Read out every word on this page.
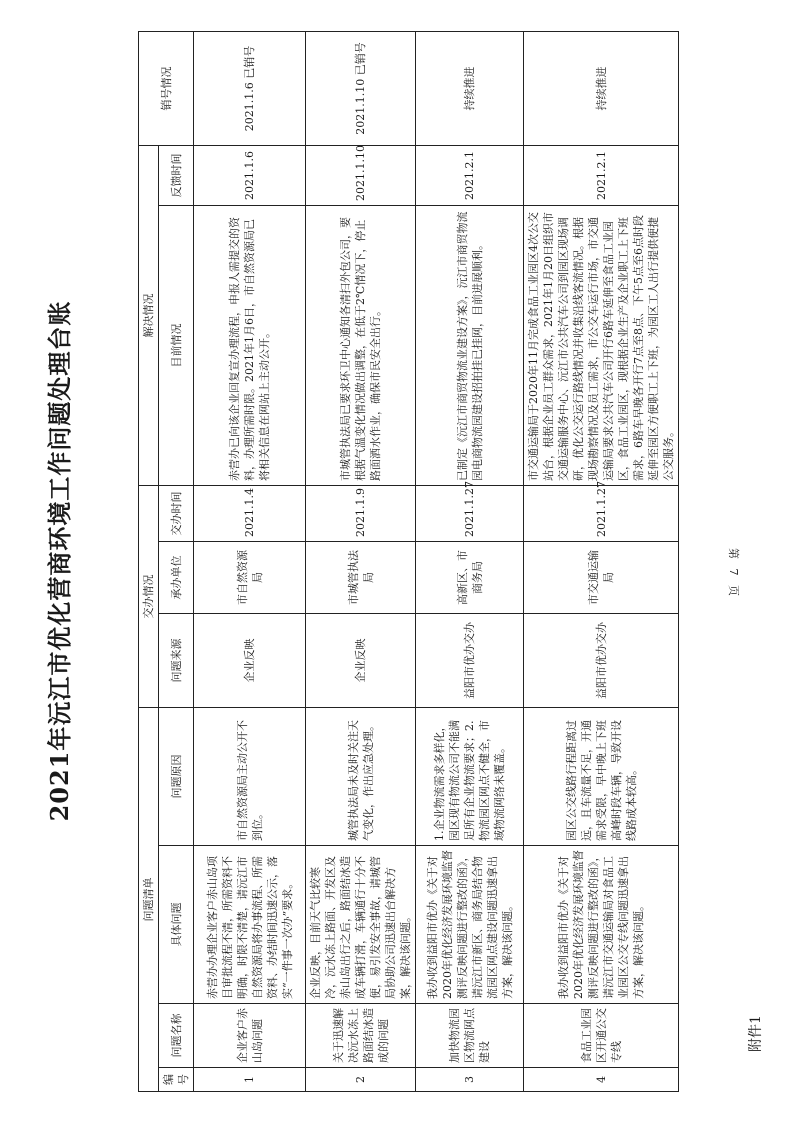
2021年沅江市优化营商环境工作问题处理台账
附件1
问题清单				交办情况			解决情况		销号情况
编号	问题名称	具体问题	问题原因	问题来源	承办单位	交办时间	目前情况	反馈时间	
1	企业客户赤山岛问题	赤营办办理企业客户赤山岛项目审批流程不清，所需资料不明确，时限不清楚，请沅江市自然资源局将办事流程、所需资料、办结时间迅速公示，落实“一件事一次办”要求。	市自然资源局主动公开不到位。	企业反映	市自然资源局	2021.1.4	赤营办已向该企业回复宣办理流程，申报人需提交的资料，办理所需时限。2021年1月6日，市自然资源局已将相关信息在网站上主动公开。	2021.1.6	2021.1.6 已销号
2	关于迅速解决沅水冻上路面结冰造成的问题	企业反映，目前天气比较寒冷，沅水冻上路面、开发区及赤山岛出行之后，路面结冰造成车辆打滑，车辆通行十分不便，易引发安全事故，请城管局协助公司迅速出台解决方案，解决该问题。	城管执法局未及时关注天气变化，作出应急处理。	企业反映	市城管执法局	2021.1.9	市城管执法局已要求环卫中心通知各清扫外包公司，要根据气温变化情况做出调整，在低于2℃情况下，停止路面洒水作业，确保市民安全出行。	2021.1.10	2021.1.10 已销号
3	加快物流园区物流网点建设	我办收到益阳市优办《关于对2020年优化经济发展环境监督测评反映问题进行整改的函》，请沅江市新区、商务局结合物流园区网点建设问题迅速拿出方案，解决该问题。	1.企业物流需求多样化，园区现有物流公司不能满足所有企业物流要求；2.物流园区网点不健全，市域物流网络未覆盖。	益阳市优办交办	高新区、市商务局	2021.1.27	已制定《沅江市商贸物流业建设方案》，沅江市商贸物流园电商物流园建设招拍挂已挂网，目前进展顺利。	2021.2.1	持续推进
4	食品工业园区开通公交专线	我办收到益阳市优办《关于对2020年优化经济发展环境监督测评反映问题进行整改的函》，请沅江市交通运输局对食品工业园区公交专线问题迅速拿出方案，解决该问题。	园区公交线路行程距离过远，且车流量不足，开通需求受限，早中晚上下班高峰时段车辆，导致开设线路成本较高。	益阳市优办交办	市交通运输局	2021.1.27	市交通运输局于2020年11月完成食品工业园区4次公交站台，根据企业员工群众需求，2021年1月20日组织市交通运输服务中心、沅江市公共汽车公司到园区现场调研，优化公交运行路线情况并收集沿线客流情况。根据现场勘察情况及员工需求，市公交车运行市场，市交通运输局要求公共汽车公司开行6路车延伸至食品工业园区，食品工业园区，现根据企业生产及企业职工上下班需求，6路车早晚各开行7点至8点、下午5点至6点时段延伸至园区方便职工上下班，为园区工人出行提供便捷公交服务。	2021.2.1	持续推进
第 7 页
